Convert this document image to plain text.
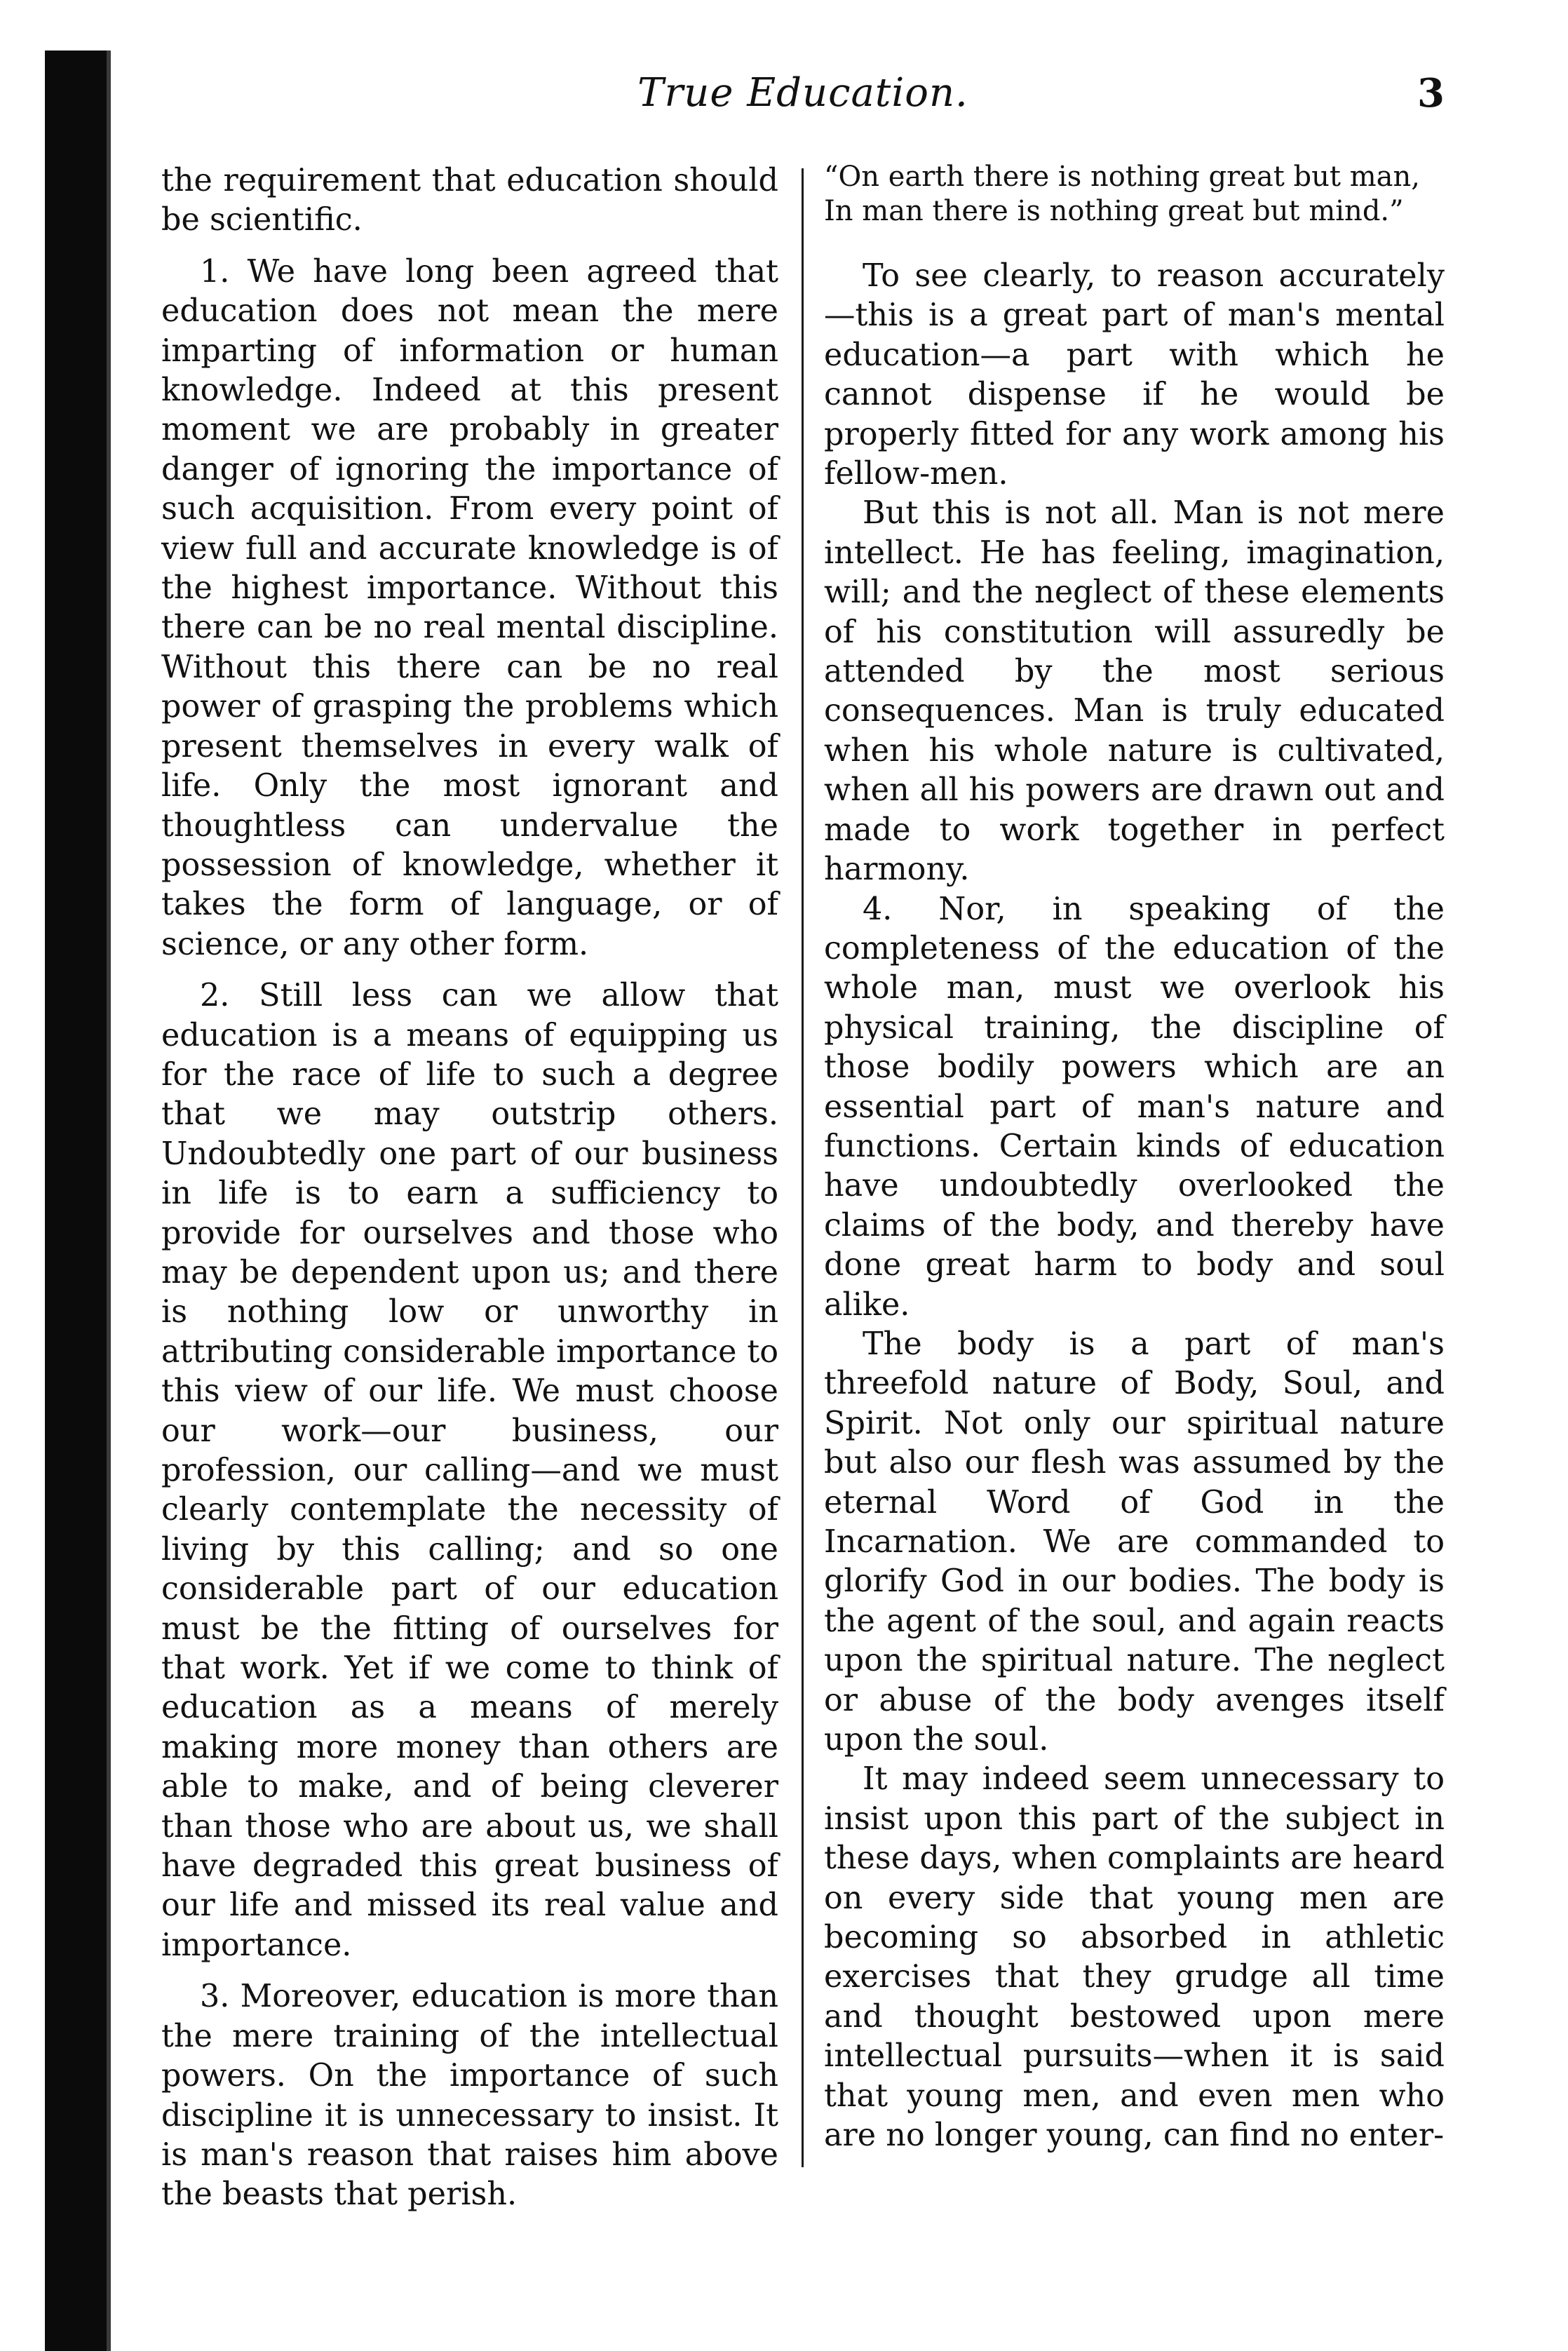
True Education.	3

the requirement that education should be scientific.

1. We have long been agreed that education does not mean the mere imparting of information or human knowledge. Indeed at this present moment we are probably in greater danger of ignoring the importance of such acquisition. From every point of view full and accurate knowledge is of the highest importance. Without this there can be no real mental discipline. Without this there can be no real power of grasping the problems which present themselves in every walk of life. Only the most ignorant and thoughtless can undervalue the possession of knowledge, whether it takes the form of language, or of science, or any other form.

2. Still less can we allow that education is a means of equipping us for the race of life to such a degree that we may outstrip others. Undoubtedly one part of our business in life is to earn a sufficiency to provide for ourselves and those who may be dependent upon us; and there is nothing low or unworthy in attributing considerable importance to this view of our life. We must choose our work—our business, our profession, our calling—and we must clearly contemplate the necessity of living by this calling; and so one considerable part of our education must be the fitting of ourselves for that work. Yet if we come to think of education as a means of merely making more money than others are able to make, and of being cleverer than those who are about us, we shall have degraded this great business of our life and missed its real value and importance.

3. Moreover, education is more than the mere training of the intellectual powers. On the importance of such discipline it is unnecessary to insist. It is man's reason that raises him above the beasts that perish.

“On earth there is nothing great but man,
In man there is nothing great but mind.”

To see clearly, to reason accurately—this is a great part of man's mental education—a part with which he cannot dispense if he would be properly fitted for any work among his fellow-men.

But this is not all. Man is not mere intellect. He has feeling, imagination, will; and the neglect of these elements of his constitution will assuredly be attended by the most serious consequences. Man is truly educated when his whole nature is cultivated, when all his powers are drawn out and made to work together in perfect harmony.

4. Nor, in speaking of the completeness of the education of the whole man, must we overlook his physical training, the discipline of those bodily powers which are an essential part of man's nature and functions. Certain kinds of education have undoubtedly overlooked the claims of the body, and thereby have done great harm to body and soul alike.

The body is a part of man's threefold nature of Body, Soul, and Spirit. Not only our spiritual nature but also our flesh was assumed by the eternal Word of God in the Incarnation. We are commanded to glorify God in our bodies. The body is the agent of the soul, and again reacts upon the spiritual nature. The neglect or abuse of the body avenges itself upon the soul.

It may indeed seem unnecessary to insist upon this part of the subject in these days, when complaints are heard on every side that young men are becoming so absorbed in athletic exercises that they grudge all time and thought bestowed upon mere intellectual pursuits—when it is said that young men, and even men who are no longer young, can find no enter-
